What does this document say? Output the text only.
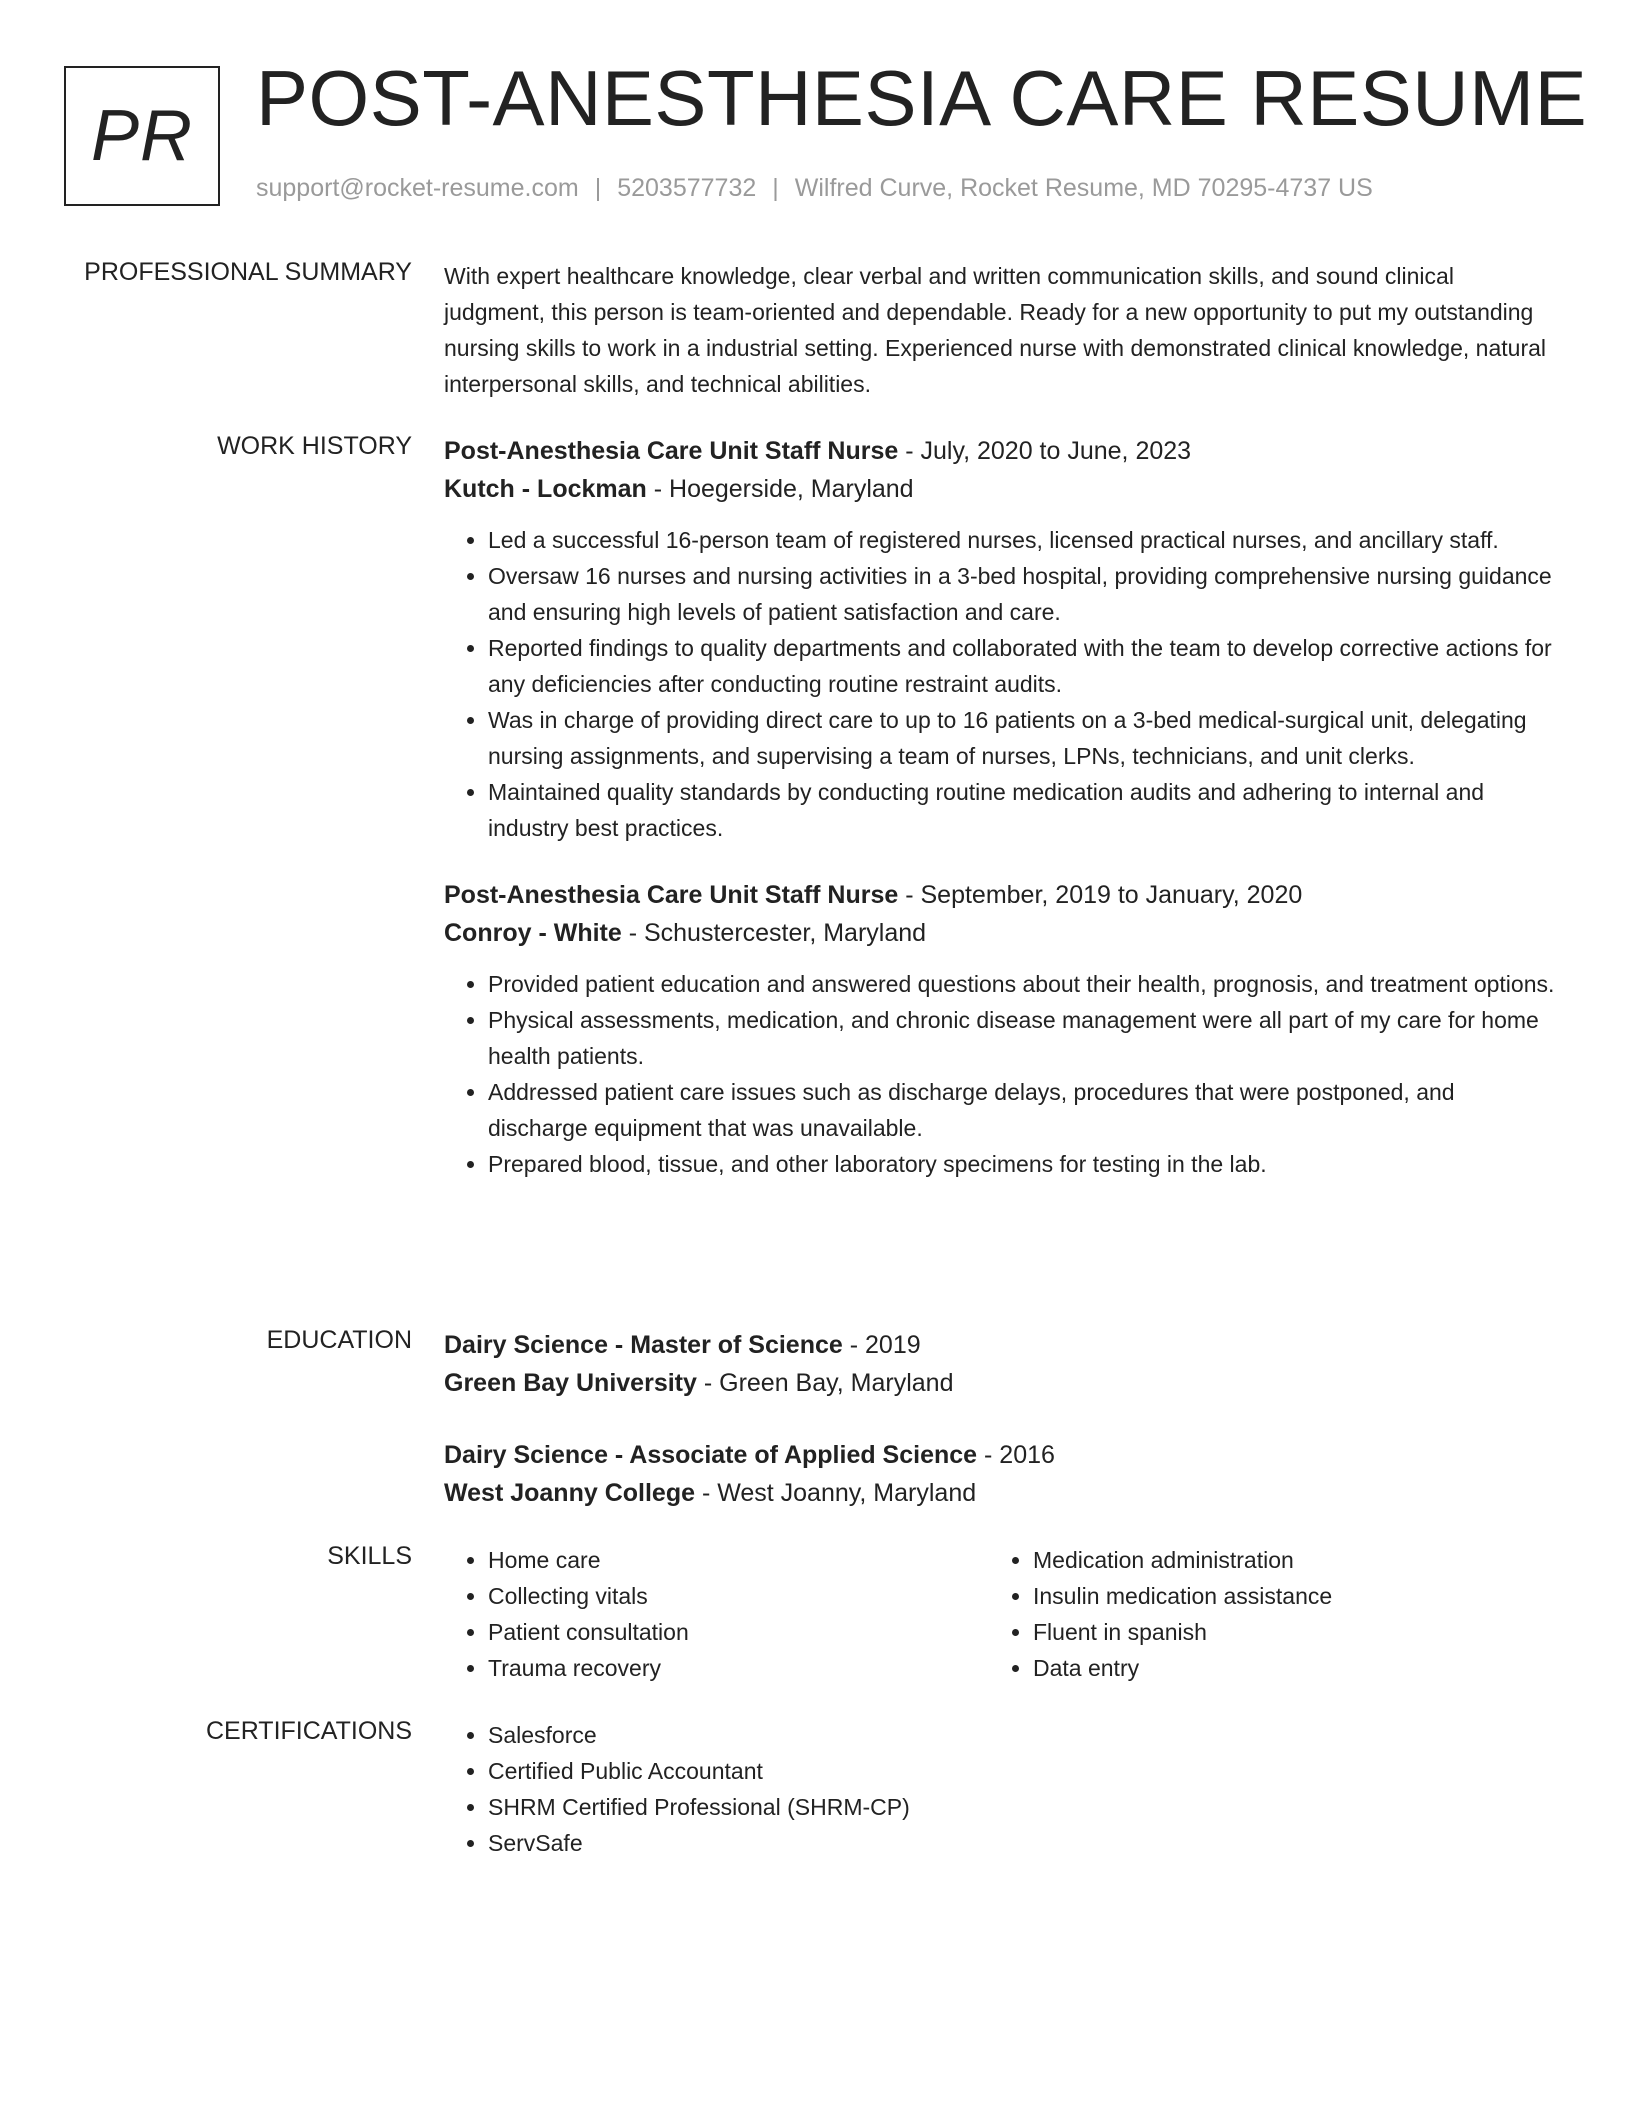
PR POST-ANESTHESIA CARE RESUME
support@rocket-resume.com | 5203577732 | Wilfred Curve, Rocket Resume, MD 70295-4737 US
PROFESSIONAL SUMMARY With expert healthcare knowledge, clear verbal and written communication skills, and sound clinical judgment, this person is team-oriented and dependable. Ready for a new opportunity to put my outstanding nursing skills to work in a industrial setting. Experienced nurse with demonstrated clinical knowledge, natural interpersonal skills, and technical abilities.

WORK HISTORY Post-Anesthesia Care Unit Staff Nurse - July, 2020 to June, 2023
Kutch - Lockman - Hoegerside, Maryland
• Led a successful 16-person team of registered nurses, licensed practical nurses, and ancillary staff.
• Oversaw 16 nurses and nursing activities in a 3-bed hospital, providing comprehensive nursing guidance and ensuring high levels of patient satisfaction and care.
• Reported findings to quality departments and collaborated with the team to develop corrective actions for any deficiencies after conducting routine restraint audits.
• Was in charge of providing direct care to up to 16 patients on a 3-bed medical-surgical unit, delegating nursing assignments, and supervising a team of nurses, LPNs, technicians, and unit clerks.
• Maintained quality standards by conducting routine medication audits and adhering to internal and industry best practices.
Post-Anesthesia Care Unit Staff Nurse - September, 2019 to January, 2020
Conroy - White - Schustercester, Maryland
• Provided patient education and answered questions about their health, prognosis, and treatment options.
• Physical assessments, medication, and chronic disease management were all part of my care for home health patients.
• Addressed patient care issues such as discharge delays, procedures that were postponed, and discharge equipment that was unavailable.
• Prepared blood, tissue, and other laboratory specimens for testing in the lab.
EDUCATION Dairy Science - Master of Science - 2019
Green Bay University - Green Bay, Maryland
Dairy Science - Associate of Applied Science - 2016
West Joanny College - West Joanny, Maryland
SKILLS	• Home care
• Collecting vitals
• Patient consultation
• Trauma recovery
• Medication administration
• Insulin medication assistance
• Fluent in spanish
• Data entry
CERTIFICATIONS	• Salesforce
• Certified Public Accountant
• SHRM Certified Professional (SHRM-CP)
• ServSafe
